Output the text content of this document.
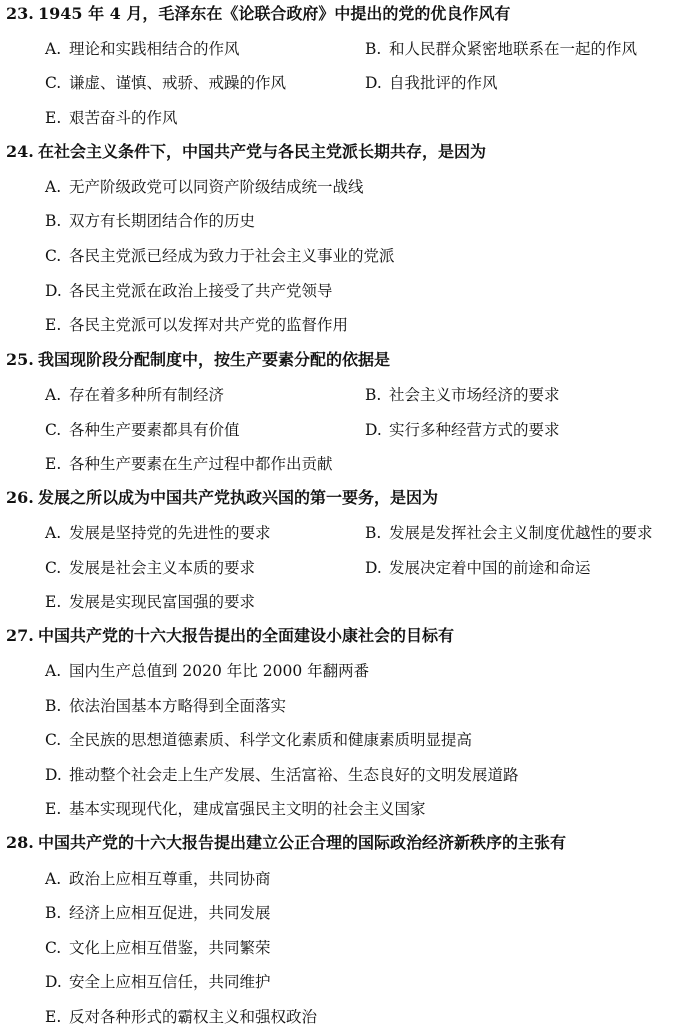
23. 1945 年 4 月，毛泽东在《论联合政府》中提出的党的优良作风有
A. 理论和实践相结合的作风	B. 和人民群众紧密地联系在一起的作风
C. 谦虚、谨慎、戒骄、戒躁的作风	D. 自我批评的作风
E. 艰苦奋斗的作风
24. 在社会主义条件下，中国共产党与各民主党派长期共存，是因为
A. 无产阶级政党可以同资产阶级结成统一战线
B. 双方有长期团结合作的历史
C. 各民主党派已经成为致力于社会主义事业的党派
D. 各民主党派在政治上接受了共产党领导
E. 各民主党派可以发挥对共产党的监督作用
25. 我国现阶段分配制度中，按生产要素分配的依据是
A. 存在着多种所有制经济	B. 社会主义市场经济的要求
C. 各种生产要素都具有价值	D. 实行多种经营方式的要求
E. 各种生产要素在生产过程中都作出贡献
26. 发展之所以成为中国共产党执政兴国的第一要务，是因为
A. 发展是坚持党的先进性的要求	B. 发展是发挥社会主义制度优越性的要求
C. 发展是社会主义本质的要求	D. 发展决定着中国的前途和命运
E. 发展是实现民富国强的要求
27. 中国共产党的十六大报告提出的全面建设小康社会的目标有
A. 国内生产总值到 2020 年比 2000 年翻两番
B. 依法治国基本方略得到全面落实
C. 全民族的思想道德素质、科学文化素质和健康素质明显提高
D. 推动整个社会走上生产发展、生活富裕、生态良好的文明发展道路
E. 基本实现现代化，建成富强民主文明的社会主义国家
28. 中国共产党的十六大报告提出建立公正合理的国际政治经济新秩序的主张有
A. 政治上应相互尊重，共同协商
B. 经济上应相互促进，共同发展
C. 文化上应相互借鉴，共同繁荣
D. 安全上应相互信任，共同维护
E. 反对各种形式的霸权主义和强权政治
